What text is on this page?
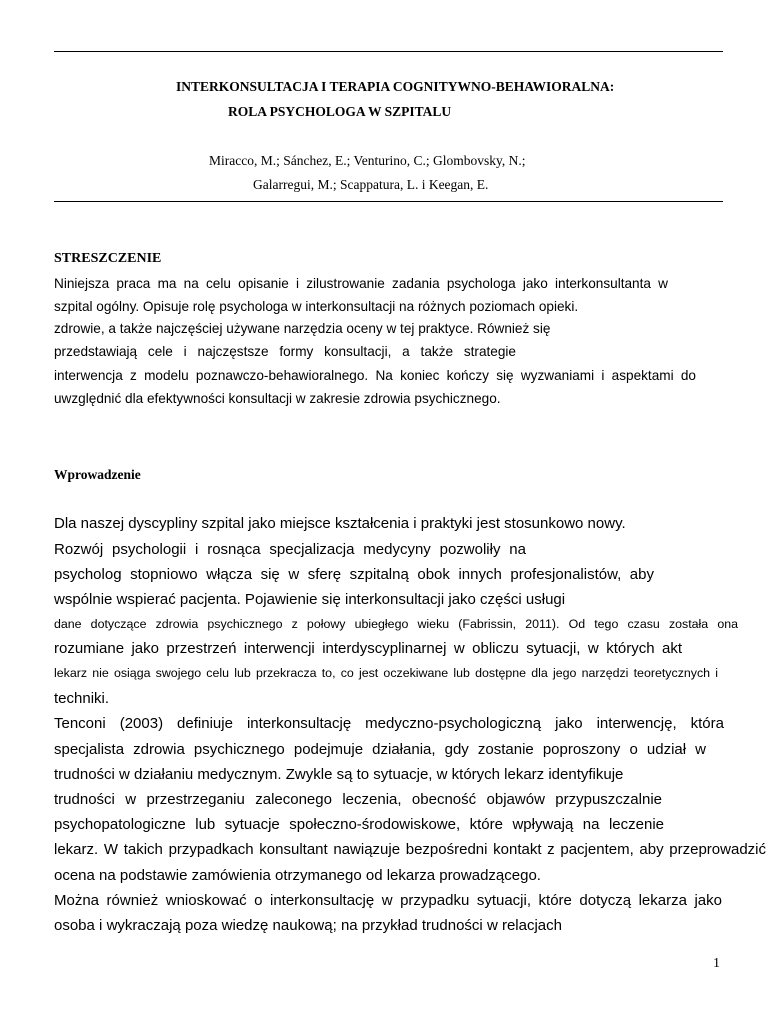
INTERKONSULTACJA I TERAPIA COGNITYWNO-BEHAWIORALNA:
ROLA PSYCHOLOGA W SZPITALU
Miracco, M.; Sánchez, E.; Venturino, C.; Glombovsky, N.;
Galarregui, M.; Scappatura, L. i Keegan, E.
STRESZCZENIE
Niniejsza praca ma na celu opisanie i zilustrowanie zadania psychologa jako interkonsultanta w
szpital ogólny. Opisuje rolę psychologa w interkonsultacji na różnych poziomach opieki.
zdrowie, a także najczęściej używane narzędzia oceny w tej praktyce. Również się
przedstawiają cele i najczęstsze formy konsultacji, a także strategie
interwencja z modelu poznawczo-behawioralnego. Na koniec kończy się wyzwaniami i aspektami do
uwzględnić dla efektywności konsultacji w zakresie zdrowia psychicznego.
Wprowadzenie
Dla naszej dyscypliny szpital jako miejsce kształcenia i praktyki jest stosunkowo nowy.
Rozwój psychologii i rosnąca specjalizacja medycyny pozwoliły na
psycholog stopniowo włącza się w sferę szpitalną obok innych profesjonalistów, aby
wspólnie wspierać pacjenta. Pojawienie się interkonsultacji jako części usługi
dane dotyczące zdrowia psychicznego z połowy ubiegłego wieku (Fabrissin, 2011). Od tego czasu została ona
rozumiane jako przestrzeń interwencji interdyscyplinarnej w obliczu sytuacji, w których akt
lekarz nie osiąga swojego celu lub przekracza to, co jest oczekiwane lub dostępne dla jego narzędzi teoretycznych i
techniki.
Tenconi (2003) definiuje interkonsultację medyczno-psychologiczną jako interwencję, która
specjalista zdrowia psychicznego podejmuje działania, gdy zostanie poproszony o udział w
trudności w działaniu medycznym. Zwykle są to sytuacje, w których lekarz identyfikuje
trudności w przestrzeganiu zaleconego leczenia, obecność objawów przypuszczalnie
psychopatologiczne lub sytuacje społeczno-środowiskowe, które wpływają na leczenie
lekarz. W takich przypadkach konsultant nawiązuje bezpośredni kontakt z pacjentem, aby przeprowadzić
ocena na podstawie zamówienia otrzymanego od lekarza prowadzącego.
Można również wnioskować o interkonsultację w przypadku sytuacji, które dotyczą lekarza jako
osoba i wykraczają poza wiedzę naukową; na przykład trudności w relacjach
1
